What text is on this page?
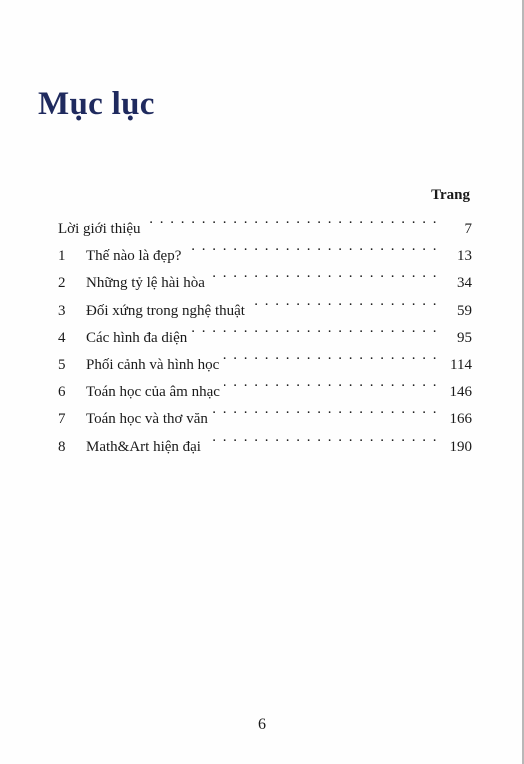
Mục lục
Trang
Lời giới thiệu . . .	7
1	Thế nào là đẹp? . . .	13
2	Những tỷ lệ hài hòa . . .	34
3	Đối xứng trong nghệ thuật . . .	59
4	Các hình đa diện . . .	95
5	Phối cảnh và hình học . . .	114
6	Toán học của âm nhạc . . .	146
7	Toán học và thơ văn . . .	166
8	Math&Art hiện đại . . .	190
6
